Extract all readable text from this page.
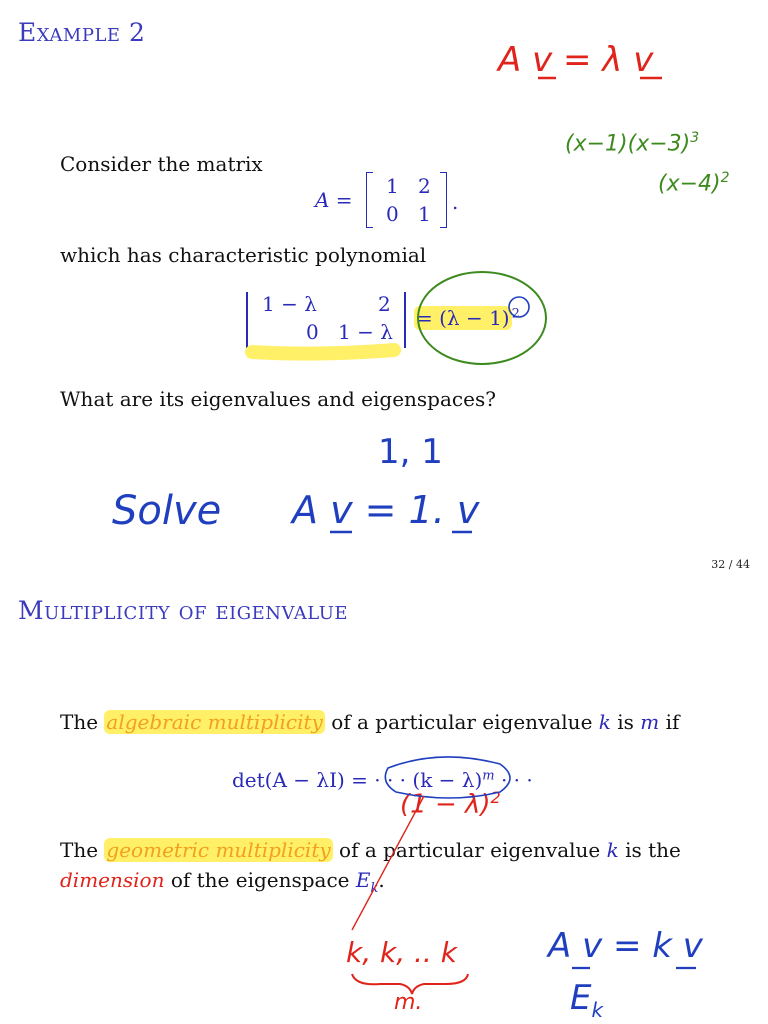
Example 2
Consider the matrix
A =
1 2
0 1 .
which has characteristic polynomial
1 − λ	2
0 1 − λ
= (λ − 1) $^2$
What are its eigenvalues and eigenspaces?
A v = λ v
$(x-1)(x-3)^3$
$(x-4)^2$
1, 1
Solve A v = 1. v
32 / 44
Multiplicity of eigenvalue
The algebraic multiplicity of a particular eigenvalue k is m if
det(A − λI) = · · · $(k - \lambda)^m$ · · ·
The geometric multiplicity of a particular eigenvalue k is the
dimension of the eigenspace $E_k$.
$(1 - \lambda)^2$
k, k, .. k
m.
A v = k v
$E_k$
